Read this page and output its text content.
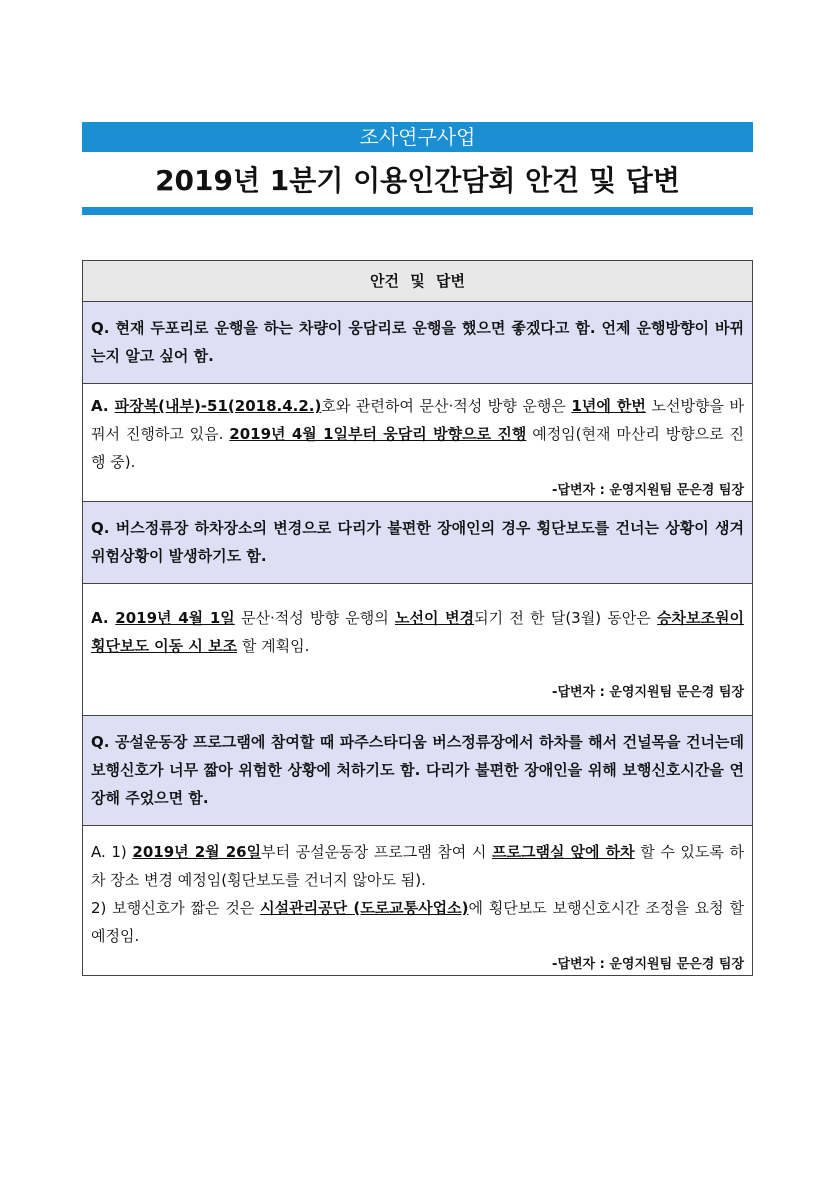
조사연구사업
2019년 1분기 이용인간담회 안건 및 답변
안건 및 답변
Q. 현재 두포리로 운행을 하는 차량이 웅담리로 운행을 했으면 좋겠다고 함. 언제 운행방향이 바뀌는지 알고 싶어 함.
A. 파장복(내부)-51(2018.4.2.)호와 관련하여 문산·적성 방향 운행은 1년에 한번 노선방향을 바꿔서 진행하고 있음. 2019년 4월 1일부터 웅담리 방향으로 진행 예정임(현재 마산리 방향으로 진행 중).
-답변자 : 운영지원팀 문은경 팀장
Q. 버스정류장 하차장소의 변경으로 다리가 불편한 장애인의 경우 횡단보도를 건너는 상황이 생겨 위험상황이 발생하기도 함.
A. 2019년 4월 1일 문산·적성 방향 운행의 노선이 변경되기 전 한 달(3월) 동안은 승차보조원이 횡단보도 이동 시 보조 할 계획임.
-답변자 : 운영지원팀 문은경 팀장
Q. 공설운동장 프로그램에 참여할 때 파주스타디움 버스정류장에서 하차를 해서 건널목을 건너는데 보행신호가 너무 짧아 위험한 상황에 처하기도 함. 다리가 불편한 장애인을 위해 보행신호시간을 연장해 주었으면 함.
A. 1) 2019년 2월 26일부터 공설운동장 프로그램 참여 시 프로그램실 앞에 하차 할 수 있도록 하차 장소 변경 예정임(횡단보도를 건너지 않아도 됨).
2) 보행신호가 짧은 것은 시설관리공단 (도로교통사업소)에 횡단보도 보행신호시간 조정을 요청 할 예정임.
-답변자 : 운영지원팀 문은경 팀장
